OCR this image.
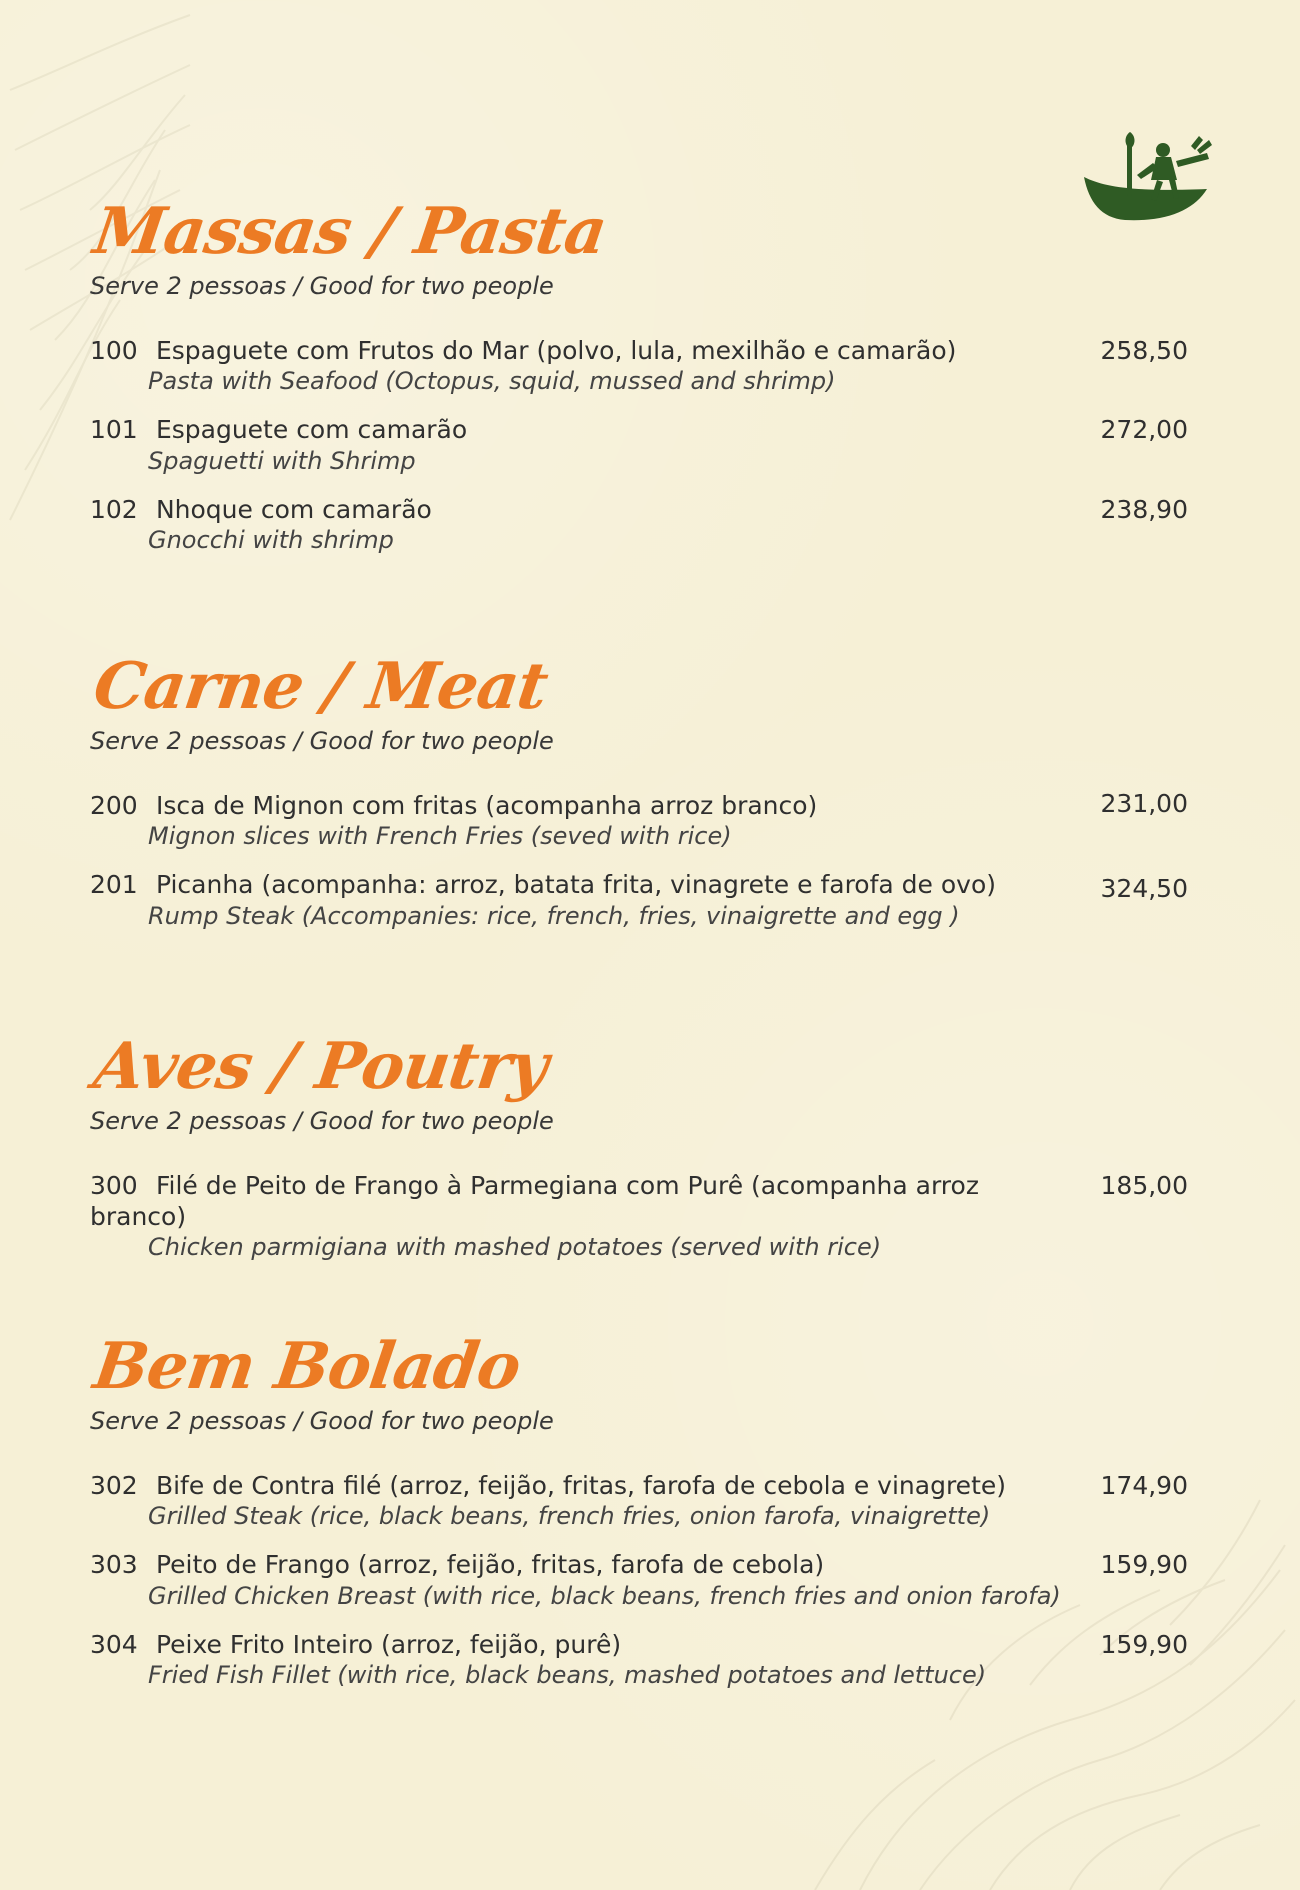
Massas / Pasta
Serve 2 pessoas / Good for two people
100 Espaguete com Frutos do Mar (polvo, lula, mexilhão e camarão)	258,50
Pasta with Seafood (Octopus, squid, mussed and shrimp)
101 Espaguete com camarão	272,00
Spaguetti with Shrimp
102 Nhoque com camarão	238,90
Gnocchi with shrimp
Carne / Meat
Serve 2 pessoas / Good for two people
200 Isca de Mignon com fritas (acompanha arroz branco)	231,00
Mignon slices with French Fries (seved with rice)
201 Picanha (acompanha: arroz, batata frita, vinagrete e farofa de ovo)	324,50
Rump Steak (Accompanies: rice, french, fries, vinaigrette and egg )
Aves / Poutry
Serve 2 pessoas / Good for two people
300 Filé de Peito de Frango à Parmegiana com Purê (acompanha arroz branco)
185,00
Chicken parmigiana with mashed potatoes (served with rice)
Bem Bolado
Serve 2 pessoas / Good for two people
302 Bife de Contra filé (arroz, feijão, fritas, farofa de cebola e vinagrete)	174,90
Grilled Steak (rice, black beans, french fries, onion farofa, vinaigrette)
303 Peito de Frango (arroz, feijão, fritas, farofa de cebola)	159,90
Grilled Chicken Breast (with rice, black beans, french fries and onion farofa)
304 Peixe Frito Inteiro (arroz, feijão, purê)	159,90
Fried Fish Fillet (with rice, black beans, mashed potatoes and lettuce)
